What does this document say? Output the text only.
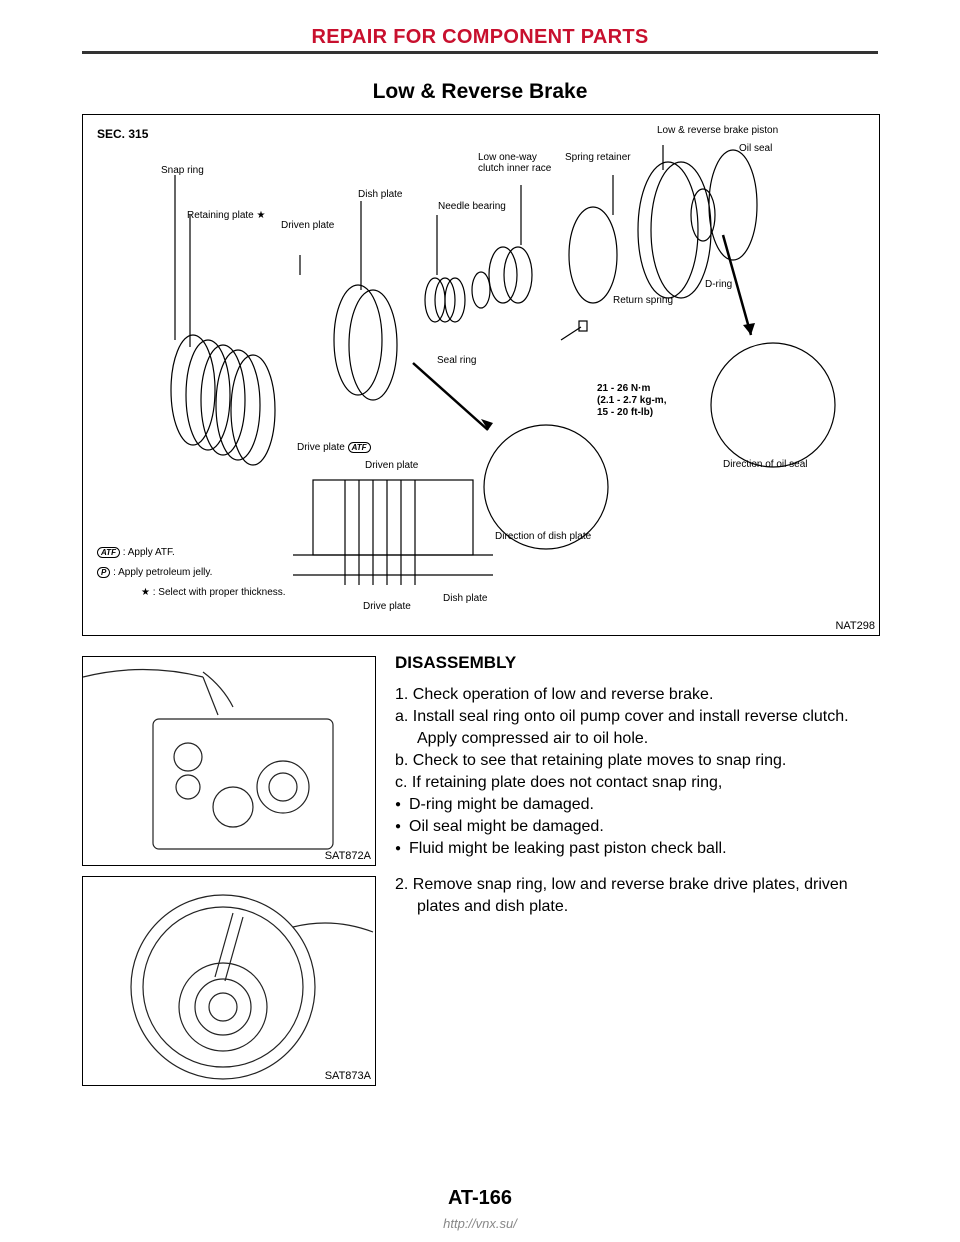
REPAIR FOR COMPONENT PARTS
Low & Reverse Brake
SEC. 315
Snap ring
Retaining plate ★
Driven plate
Dish plate
Needle bearing
Low one-way
clutch inner race
Spring retainer
Low & reverse brake piston
Oil seal
D-ring
Return spring
Seal ring
21 - 26 N·m
(2.1 - 2.7 kg-m,
15 - 20 ft-lb)
Drive plate ATF
Driven plate
Direction of dish plate
Direction of oil seal
Drive plate
Dish plate
ATF : Apply ATF.
P : Apply petroleum jelly.
★ : Select with proper thickness.
NAT298
SAT872A
SAT873A
DISASSEMBLY

1. Check operation of low and reverse brake.

a. Install seal ring onto oil pump cover and install reverse clutch.

Apply compressed air to oil hole.

b. Check to see that retaining plate moves to snap ring.

c. If retaining plate does not contact snap ring,

● D-ring might be damaged.
● Oil seal might be damaged.
● Fluid might be leaking past piston check ball.

2. Remove snap ring, low and reverse brake drive plates, driven

plates and dish plate.

AT-166
http://vnx.su/
